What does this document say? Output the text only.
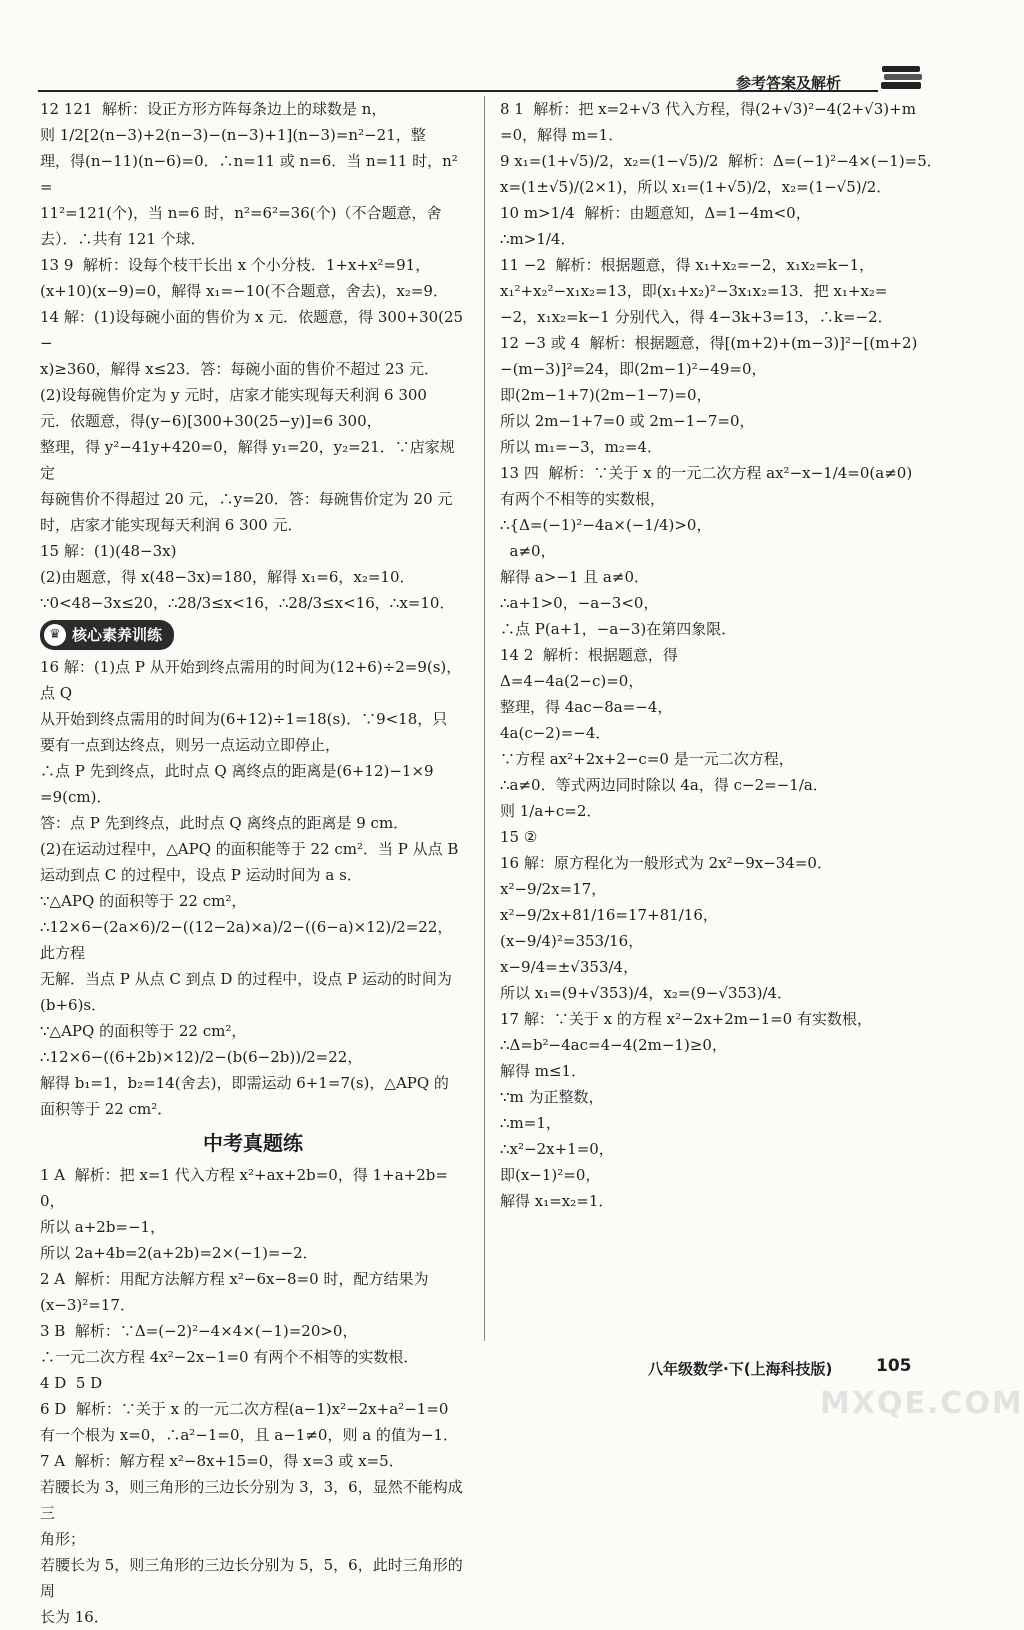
参考答案及解析
12 121  解析：设正方形方阵每条边上的球数是 n，
则 1/2[2(n−3)+2(n−3)−(n−3)+1](n−3)=n²−21，整
理，得(n−11)(n−6)=0．∴n=11 或 n=6．当 n=11 时，n²=
11²=121(个)，当 n=6 时，n²=6²=36(个)（不合题意，舍
去）．∴共有 121 个球．
13 9  解析：设每个枝干长出 x 个小分枝．1+x+x²=91，
(x+10)(x−9)=0，解得 x₁=−10(不合题意，舍去)，x₂=9．
14 解：(1)设每碗小面的售价为 x 元．依题意，得 300+30(25−
x)≥360，解得 x≤23．答：每碗小面的售价不超过 23 元．
(2)设每碗售价定为 y 元时，店家才能实现每天利润 6 300
元．依题意，得(y−6)[300+30(25−y)]=6 300，
整理，得 y²−41y+420=0，解得 y₁=20，y₂=21．∵店家规定
每碗售价不得超过 20 元，∴y=20．答：每碗售价定为 20 元
时，店家才能实现每天利润 6 300 元．
15 解：(1)(48−3x)
(2)由题意，得 x(48−3x)=180，解得 x₁=6，x₂=10．
∵0<48−3x≤20，∴28/3≤x<16，∴28/3≤x<16，∴x=10．
♛ 核心素养训练
16 解：(1)点 P 从开始到终点需用的时间为(12+6)÷2=9(s)，点 Q
从开始到终点需用的时间为(6+12)÷1=18(s)．∵9<18，只
要有一点到达终点，则另一点运动立即停止，
∴点 P 先到终点，此时点 Q 离终点的距离是(6+12)−1×9
=9(cm)．
答：点 P 先到终点，此时点 Q 离终点的距离是 9 cm．
(2)在运动过程中，△APQ 的面积能等于 22 cm²．当 P 从点 B
运动到点 C 的过程中，设点 P 运动时间为 a s．
∵△APQ 的面积等于 22 cm²，
∴12×6−(2a×6)/2−((12−2a)×a)/2−((6−a)×12)/2=22，此方程
无解．当点 P 从点 C 到点 D 的过程中，设点 P 运动的时间为
(b+6)s．
∵△APQ 的面积等于 22 cm²，
∴12×6−((6+2b)×12)/2−(b(6−2b))/2=22，
解得 b₁=1，b₂=14(舍去)，即需运动 6+1=7(s)，△APQ 的
面积等于 22 cm²．
中考真题练
1 A  解析：把 x=1 代入方程 x²+ax+2b=0，得 1+a+2b=0，
所以 a+2b=−1，
所以 2a+4b=2(a+2b)=2×(−1)=−2．
2 A  解析：用配方法解方程 x²−6x−8=0 时，配方结果为
(x−3)²=17．
3 B  解析：∵Δ=(−2)²−4×4×(−1)=20>0，
∴一元二次方程 4x²−2x−1=0 有两个不相等的实数根．
4 D  5 D
6 D  解析：∵关于 x 的一元二次方程(a−1)x²−2x+a²−1=0
有一个根为 x=0，∴a²−1=0，且 a−1≠0，则 a 的值为−1．
7 A  解析：解方程 x²−8x+15=0，得 x=3 或 x=5．
若腰长为 3，则三角形的三边长分别为 3，3，6，显然不能构成三
角形；
若腰长为 5，则三角形的三边长分别为 5，5，6，此时三角形的周
长为 16．
8 1  解析：把 x=2+√3 代入方程，得(2+√3)²−4(2+√3)+m
=0，解得 m=1．
9 x₁=(1+√5)/2，x₂=(1−√5)/2  解析：Δ=(−1)²−4×(−1)=5．
x=(1±√5)/(2×1)，所以 x₁=(1+√5)/2，x₂=(1−√5)/2．
10 m>1/4  解析：由题意知，Δ=1−4m<0，
∴m>1/4．
11 −2  解析：根据题意，得 x₁+x₂=−2，x₁x₂=k−1，
x₁²+x₂²−x₁x₂=13，即(x₁+x₂)²−3x₁x₂=13．把 x₁+x₂=
−2，x₁x₂=k−1 分别代入，得 4−3k+3=13，∴k=−2．
12 −3 或 4  解析：根据题意，得[(m+2)+(m−3)]²−[(m+2)
−(m−3)]²=24，即(2m−1)²−49=0，
即(2m−1+7)(2m−1−7)=0，
所以 2m−1+7=0 或 2m−1−7=0，
所以 m₁=−3，m₂=4．
13 四  解析：∵关于 x 的一元二次方程 ax²−x−1/4=0(a≠0)
有两个不相等的实数根，
∴{Δ=(−1)²−4a×(−1/4)>0，
a≠0，
解得 a>−1 且 a≠0．
∴a+1>0，−a−3<0，
∴点 P(a+1，−a−3)在第四象限．
14 2  解析：根据题意，得
Δ=4−4a(2−c)=0，
整理，得 4ac−8a=−4，
4a(c−2)=−4．
∵方程 ax²+2x+2−c=0 是一元二次方程，
∴a≠0．等式两边同时除以 4a，得 c−2=−1/a．
则 1/a+c=2．
15 ②
16 解：原方程化为一般形式为 2x²−9x−34=0．
x²−9/2x=17，
x²−9/2x+81/16=17+81/16，
(x−9/4)²=353/16，
x−9/4=±√353/4，
所以 x₁=(9+√353)/4，x₂=(9−√353)/4．
17 解：∵关于 x 的方程 x²−2x+2m−1=0 有实数根，
∴Δ=b²−4ac=4−4(2m−1)≥0，
解得 m≤1．
∵m 为正整数，
∴m=1，
∴x²−2x+1=0，
即(x−1)²=0，
解得 x₁=x₂=1．
八年级数学·下(上海科技版)	105
MXQE.COM
